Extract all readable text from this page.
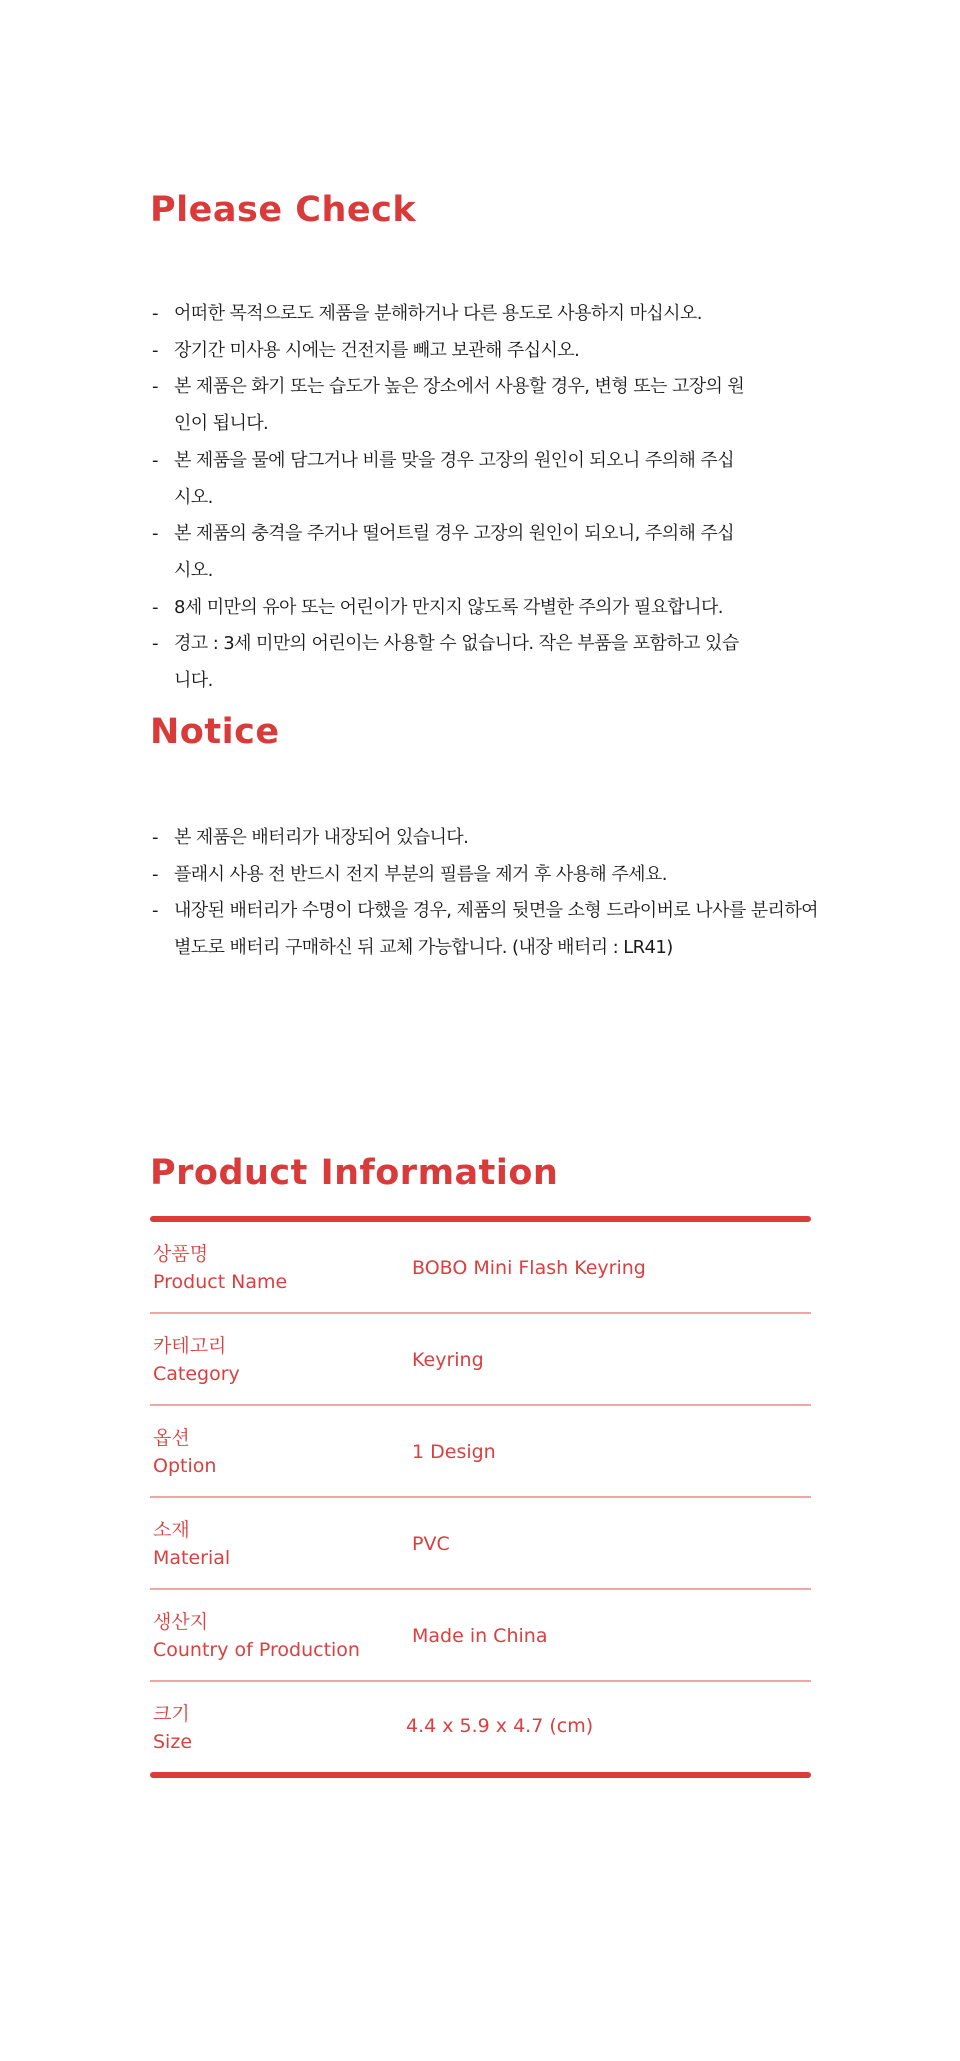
Please Check
- 어떠한 목적으로도 제품을 분해하거나 다른 용도로 사용하지 마십시오.
- 장기간 미사용 시에는 건전지를 빼고 보관해 주십시오.
- 본 제품은 화기 또는 습도가 높은 장소에서 사용할 경우, 변형 또는 고장의 원인이 됩니다.
- 본 제품을 물에 담그거나 비를 맞을 경우 고장의 원인이 되오니 주의해 주십시오.
- 본 제품의 충격을 주거나 떨어트릴 경우 고장의 원인이 되오니, 주의해 주십시오.
- 8세 미만의 유아 또는 어린이가 만지지 않도록 각별한 주의가 필요합니다.
- 경고 : 3세 미만의 어린이는 사용할 수 없습니다. 작은 부품을 포함하고 있습니다.
Notice
- 본 제품은 배터리가 내장되어 있습니다.
- 플래시 사용 전 반드시 전지 부분의 필름을 제거 후 사용해 주세요.
- 내장된 배터리가 수명이 다했을 경우, 제품의 뒷면을 소형 드라이버로 나사를 분리하여 별도로 배터리 구매하신 뒤 교체 가능합니다. (내장 배터리 : LR41)
Product Information
상품명
Product Name
BOBO Mini Flash Keyring
카테고리
Category
Keyring
옵션
Option
1 Design
소재
Material
PVC
생산지
Country of Production
Made in China
크기
Size
4.4 x 5.9 x 4.7 (cm)
